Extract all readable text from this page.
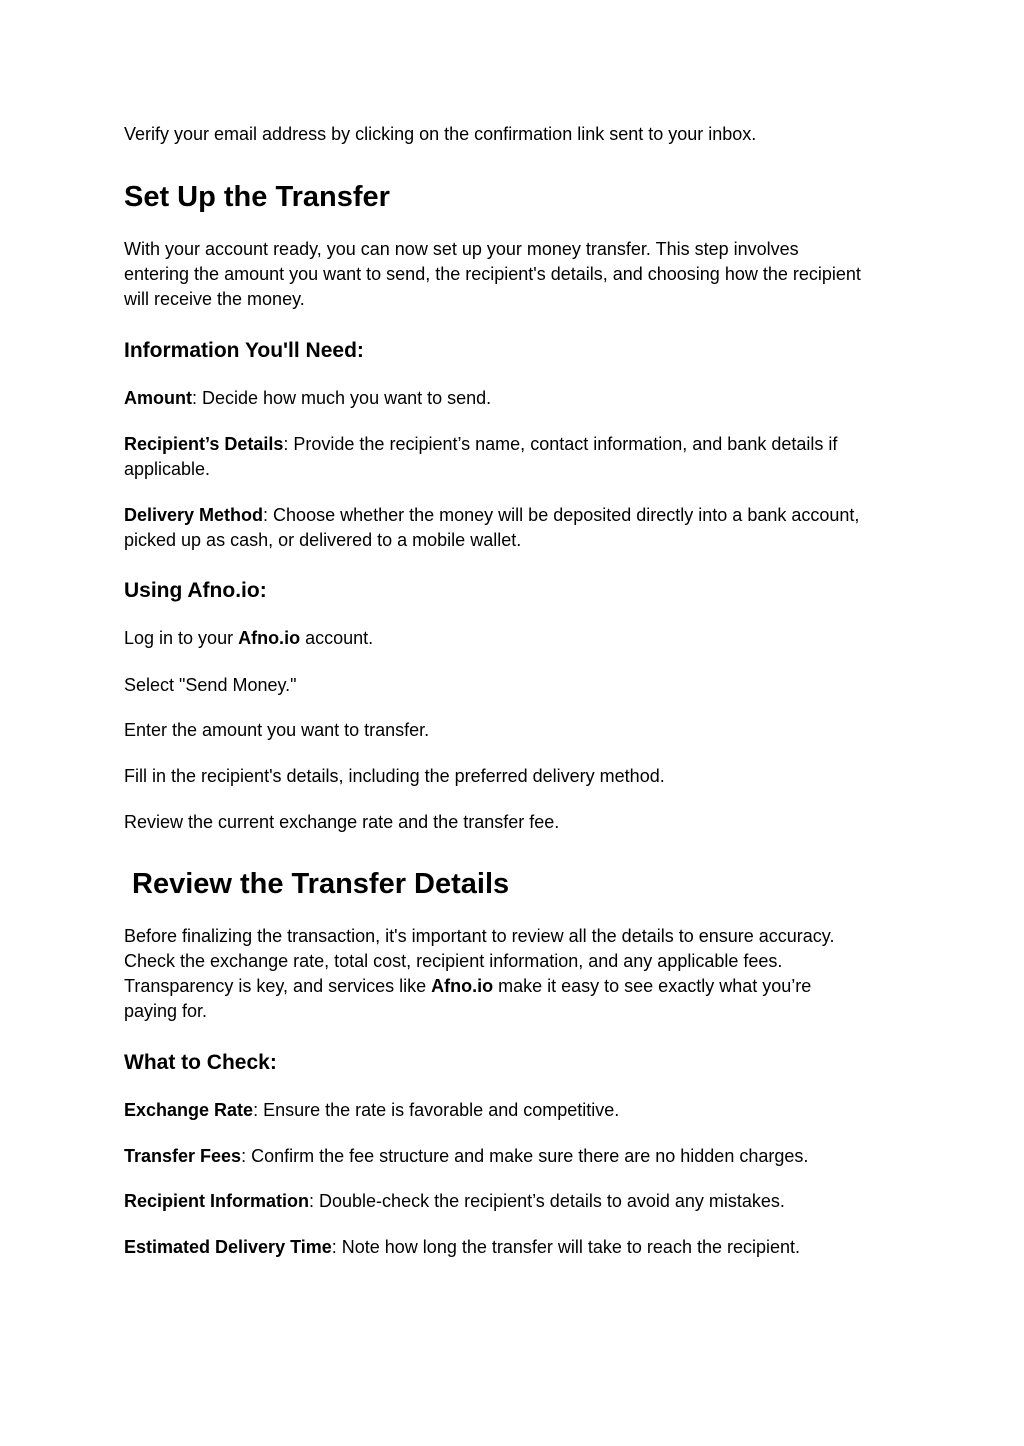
Verify your email address by clicking on the confirmation link sent to your inbox.

Set Up the Transfer

With your account ready, you can now set up your money transfer. This step involves

entering the amount you want to send, the recipient's details, and choosing how the recipient

will receive the money.

Information You'll Need:

Amount: Decide how much you want to send.

Recipient’s Details: Provide the recipient’s name, contact information, and bank details if

applicable.

Delivery Method: Choose whether the money will be deposited directly into a bank account,

picked up as cash, or delivered to a mobile wallet.

Using Afno.io:

Log in to your Afno.io account.

Select "Send Money."

Enter the amount you want to transfer.

Fill in the recipient's details, including the preferred delivery method.

Review the current exchange rate and the transfer fee.

Review the Transfer Details

Before finalizing the transaction, it's important to review all the details to ensure accuracy.

Check the exchange rate, total cost, recipient information, and any applicable fees.

Transparency is key, and services like Afno.io make it easy to see exactly what you’re

paying for.

What to Check:

Exchange Rate: Ensure the rate is favorable and competitive.

Transfer Fees: Confirm the fee structure and make sure there are no hidden charges.

Recipient Information: Double-check the recipient’s details to avoid any mistakes.

Estimated Delivery Time: Note how long the transfer will take to reach the recipient.
